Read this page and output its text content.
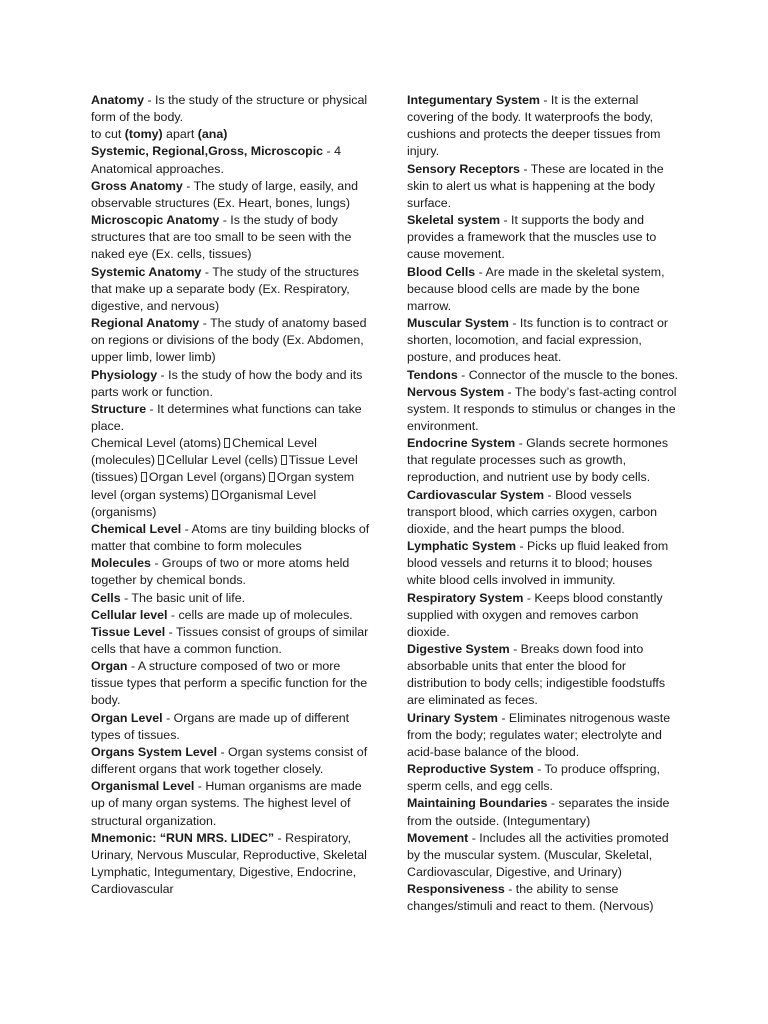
Anatomy - Is the study of the structure or physical form of the body.

to cut (tomy) apart (ana)

Systemic, Regional,Gross, Microscopic - 4 Anatomical approaches.

Gross Anatomy - The study of large, easily, and observable structures (Ex. Heart, bones, lungs)

Microscopic Anatomy - Is the study of body structures that are too small to be seen with the naked eye (Ex. cells, tissues)

Systemic Anatomy - The study of the structures that make up a separate body (Ex. Respiratory, digestive, and nervous)

Regional Anatomy - The study of anatomy based on regions or divisions of the body (Ex. Abdomen, upper limb, lower limb)

Physiology - Is the study of how the body and its parts work or function.

Structure - It determines what functions can take place.

Chemical Level (atoms) Chemical Level (molecules) Cellular Level (cells) Tissue Level (tissues) Organ Level (organs) Organ system level (organ systems) Organismal Level (organisms)

Chemical Level - Atoms are tiny building blocks of matter that combine to form molecules

Molecules - Groups of two or more atoms held together by chemical bonds.

Cells - The basic unit of life.

Cellular level - cells are made up of molecules.

Tissue Level - Tissues consist of groups of similar cells that have a common function.

Organ - A structure composed of two or more tissue types that perform a specific function for the body.

Organ Level - Organs are made up of different types of tissues.

Organs System Level - Organ systems consist of different organs that work together closely.

Organismal Level - Human organisms are made up of many organ systems. The highest level of structural organization.

Mnemonic: “RUN MRS. LIDEC” - Respiratory, Urinary, Nervous Muscular, Reproductive, Skeletal Lymphatic, Integumentary, Digestive, Endocrine, Cardiovascular

Integumentary System - It is the external covering of the body. It waterproofs the body, cushions and protects the deeper tissues from injury.

Sensory Receptors - These are located in the skin to alert us what is happening at the body surface.

Skeletal system - It supports the body and provides a framework that the muscles use to cause movement.

Blood Cells - Are made in the skeletal system, because blood cells are made by the bone marrow.

Muscular System - Its function is to contract or shorten, locomotion, and facial expression, posture, and produces heat.

Tendons - Connector of the muscle to the bones.

Nervous System - The body’s fast-acting control system. It responds to stimulus or changes in the environment.

Endocrine System - Glands secrete hormones that regulate processes such as growth, reproduction, and nutrient use by body cells.

Cardiovascular System - Blood vessels transport blood, which carries oxygen, carbon dioxide, and the heart pumps the blood.

Lymphatic System - Picks up fluid leaked from blood vessels and returns it to blood; houses white blood cells involved in immunity.

Respiratory System - Keeps blood constantly supplied with oxygen and removes carbon dioxide.

Digestive System - Breaks down food into absorbable units that enter the blood for distribution to body cells; indigestible foodstuffs are eliminated as feces.

Urinary System - Eliminates nitrogenous waste from the body; regulates water; electrolyte and acid-base balance of the blood.

Reproductive System - To produce offspring, sperm cells, and egg cells.

Maintaining Boundaries - separates the inside from the outside. (Integumentary)

Movement - Includes all the activities promoted by the muscular system. (Muscular, Skeletal, Cardiovascular, Digestive, and Urinary)

Responsiveness - the ability to sense changes/stimuli and react to them. (Nervous)
